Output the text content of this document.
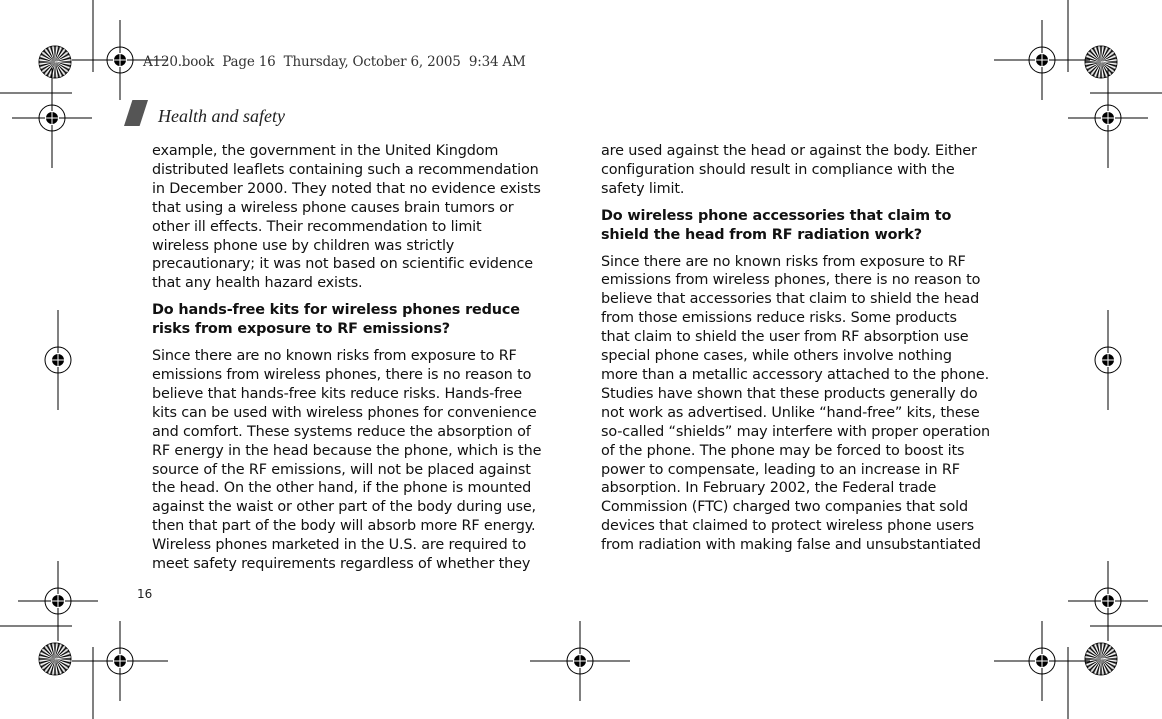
A120.book  Page 16  Thursday, October 6, 2005  9:34 AM
Health and safety
example, the government in the United Kingdom
distributed leaflets containing such a recommendation
in December 2000. They noted that no evidence exists
that using a wireless phone causes brain tumors or
other ill effects. Their recommendation to limit
wireless phone use by children was strictly
precautionary; it was not based on scientific evidence
that any health hazard exists.
Do hands-free kits for wireless phones reduce
risks from exposure to RF emissions?
Since there are no known risks from exposure to RF
emissions from wireless phones, there is no reason to
believe that hands-free kits reduce risks. Hands-free
kits can be used with wireless phones for convenience
and comfort. These systems reduce the absorption of
RF energy in the head because the phone, which is the
source of the RF emissions, will not be placed against
the head. On the other hand, if the phone is mounted
against the waist or other part of the body during use,
then that part of the body will absorb more RF energy.
Wireless phones marketed in the U.S. are required to
meet safety requirements regardless of whether they
are used against the head or against the body. Either
configuration should result in compliance with the
safety limit.
Do wireless phone accessories that claim to
shield the head from RF radiation work?
Since there are no known risks from exposure to RF
emissions from wireless phones, there is no reason to
believe that accessories that claim to shield the head
from those emissions reduce risks. Some products
that claim to shield the user from RF absorption use
special phone cases, while others involve nothing
more than a metallic accessory attached to the phone.
Studies have shown that these products generally do
not work as advertised. Unlike “hand-free” kits, these
so-called “shields” may interfere with proper operation
of the phone. The phone may be forced to boost its
power to compensate, leading to an increase in RF
absorption. In February 2002, the Federal trade
Commission (FTC) charged two companies that sold
devices that claimed to protect wireless phone users
from radiation with making false and unsubstantiated
16
